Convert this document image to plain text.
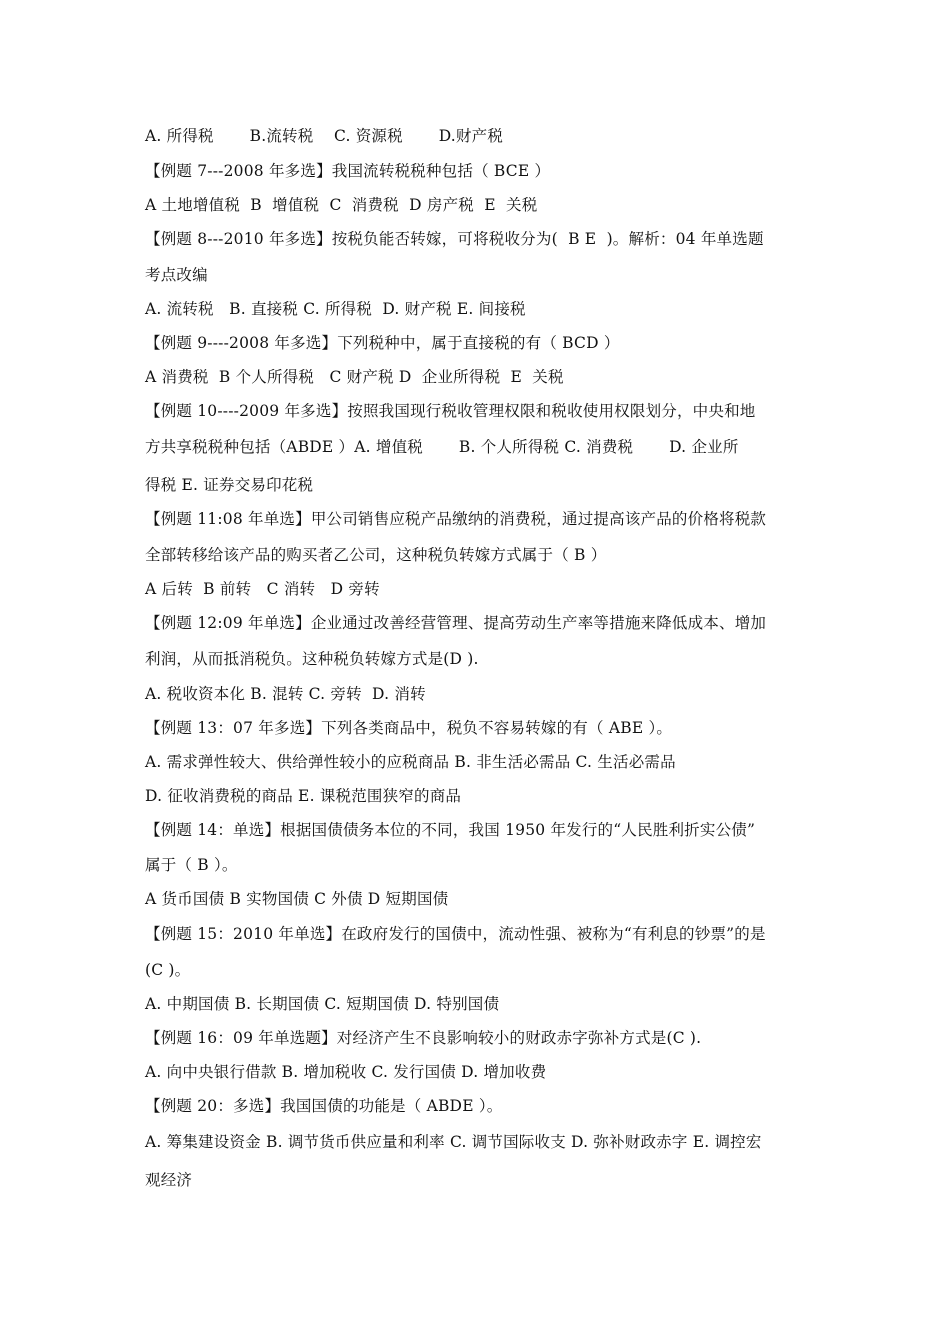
A. 所得税       B.流转税    C. 资源税       D.财产税
【例题 7---2008 年多选】我国流转税税种包括（ BCE ）
A 土地增值税  B  增值税  C  消费税  D 房产税  E  关税
【例题 8---2010 年多选】按税负能否转嫁，可将税收分为(  B E  )。解析：04 年单选题
考点改编
A. 流转税   B. 直接税 C. 所得税  D. 财产税 E. 间接税
【例题 9----2008 年多选】下列税种中，属于直接税的有（ BCD ）
A 消费税  B 个人所得税   C 财产税 D  企业所得税  E  关税
【例题 10----2009 年多选】按照我国现行税收管理权限和税收使用权限划分，中央和地
方共享税税种包括（ABDE ）A. 增值税       B. 个人所得税 C. 消费税       D. 企业所
得税 E. 证券交易印花税
【例题 11:08 年单选】甲公司销售应税产品缴纳的消费税，通过提高该产品的价格将税款
全部转移给该产品的购买者乙公司，这种税负转嫁方式属于（ B ）
A 后转  B 前转   C 消转   D 旁转
【例题 12:09 年单选】企业通过改善经营管理、提高劳动生产率等措施来降低成本、增加
利润，从而抵消税负。这种税负转嫁方式是(D ).
A. 税收资本化 B. 混转 C. 旁转  D. 消转
【例题 13：07 年多选】下列各类商品中，税负不容易转嫁的有（ ABE ）。
A. 需求弹性较大、供给弹性较小的应税商品 B. 非生活必需品 C. 生活必需品
D. 征收消费税的商品 E. 课税范围狭窄的商品
【例题 14：单选】根据国债债务本位的不同，我国 1950 年发行的“人民胜利折实公债”
属于（ B ）。
A 货币国债 B 实物国债 C 外债 D 短期国债
【例题 15：2010 年单选】在政府发行的国债中，流动性强、被称为“有利息的钞票”的是
(C )。
A. 中期国债 B. 长期国债 C. 短期国债 D. 特别国债
【例题 16：09 年单选题】对经济产生不良影响较小的财政赤字弥补方式是(C ).
A. 向中央银行借款 B. 增加税收 C. 发行国债 D. 增加收费
【例题 20：多选】我国国债的功能是（ ABDE ）。
A. 筹集建设资金 B. 调节货币供应量和利率 C. 调节国际收支 D. 弥补财政赤字 E. 调控宏
观经济
